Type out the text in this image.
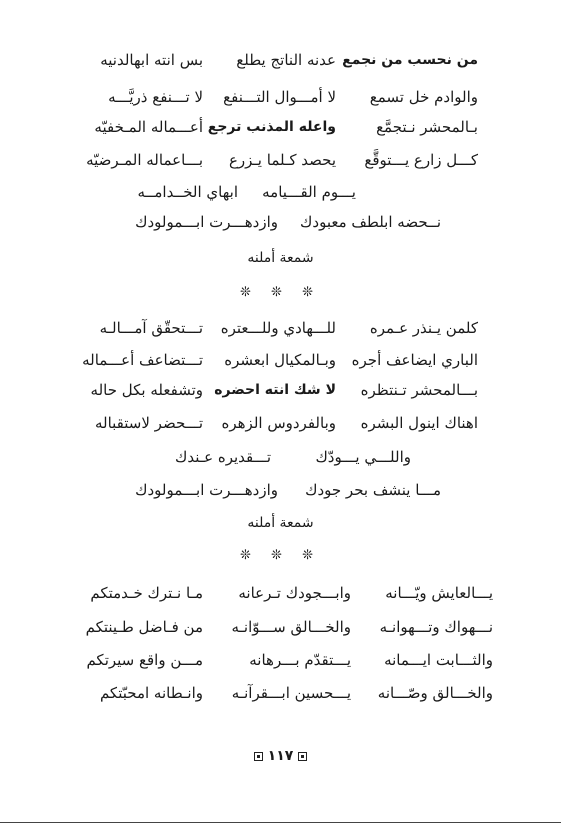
من نحسب من نجمع
عدنه الناتج يطلع
بس انته ابهالدنيه
والوادم خل تسمع
لا أمـــوال التـــنفع
لا تـــنفع ذريَّـــه
بـالمحشر نـتجمَّع
واعله المذنب ترجع
أعـــماله المـخفيّه
كـــل زارع يـــتوقَّع
يحصد كـلما يـزرع
بـــاعماله المـرضيّه
يـــوم القـــيامه
ابهاي الخــدامــه
نــحضه ابلطف معبودك
وازدهـــرت ابـــمولودك
شمعة أملنه
❊ ❊ ❊
كلمن يـنذر عـمره
للـــهادي وللـــعتره
تـــتحقّق آمـــالـه
الباري ايضاعف أجره
وبـالمكيال ابعشره
تـــتضاعف أعـــماله
بـــالمحشر تـنتظره
لا شك انته احضره
وتشفعله بكل حاله
اهناك اينول البشره
وبالفردوس الزهره
تـــحضر لاستقباله
واللـــي يـــودّك
تـــقديره عـندك
مـــا ينشف بحر جودك
وازدهـــرت ابـــمولودك
شمعة أملنه
❊ ❊ ❊
يـــالعايش ويّـــانه
وابـــجودك تـرعانه
مـا نـترك خـدمتكم
نـــهواك وتـــهوانـه
والخـــالق ســـوّانـه
من فـاضل طـينتكم
والثـــابت ايـــمانه
يـــتقدّم بـــرهانه
مـــن واقع سيرتكم
والخـــالق وصّـــانه
يـــحسين ابـــقرآنـه
وانـطانه امحبّتكم
١١٧
